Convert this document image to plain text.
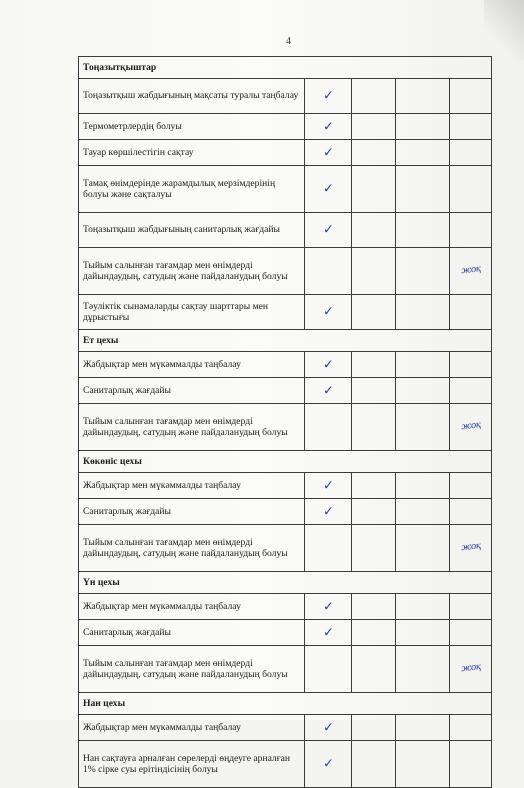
4
Тоңазытқыштар				
Тоңазытқыш жабдығының мақсаты туралы таңбалау	✓			

Термометрлердің болуы	✓			

Тауар көршілестігін сақтау	✓			

Тамақ өнімдерінде жарамдылық мерзімдерінің болуы және сақталуы	✓			

Тоңазытқыш жабдығының санитарлық жағдайы	✓			

Тыйым салынған тағамдар мен өнімдерді дайындаудың, сатудың және пайдаланудың болуы				жоқ

Тәуліктік сынамаларды сақтау шарттары мен дұрыстығы	✓			

Ет цехы				
Жабдықтар мен мүкәммалды таңбалау	✓			

Санитарлық жағдайы	✓			

Тыйым салынған тағамдар мен өнімдерді дайындаудың, сатудың және пайдаланудың болуы				жоқ

Көкөніс цехы				
Жабдықтар мен мүкәммалды таңбалау	✓			

Санитарлық жағдайы	✓			

Тыйым салынған тағамдар мен өнімдерді дайындаудың, сатудың және пайдаланудың болуы				жоқ

Үн цехы				
Жабдықтар мен мүкәммалды таңбалау	✓			

Санитарлық жағдайы	✓			

Тыйым салынған тағамдар мен өнімдерді дайындаудың, сатудың және пайдаланудың болуы				жоқ

Нан цехы				
Жабдықтар мен мүкәммалды таңбалау	✓			

Нан сақтауға арналған сөрелерді өңдеуге арналған 1% сірке суы ерітіндісінің болуы	✓			
